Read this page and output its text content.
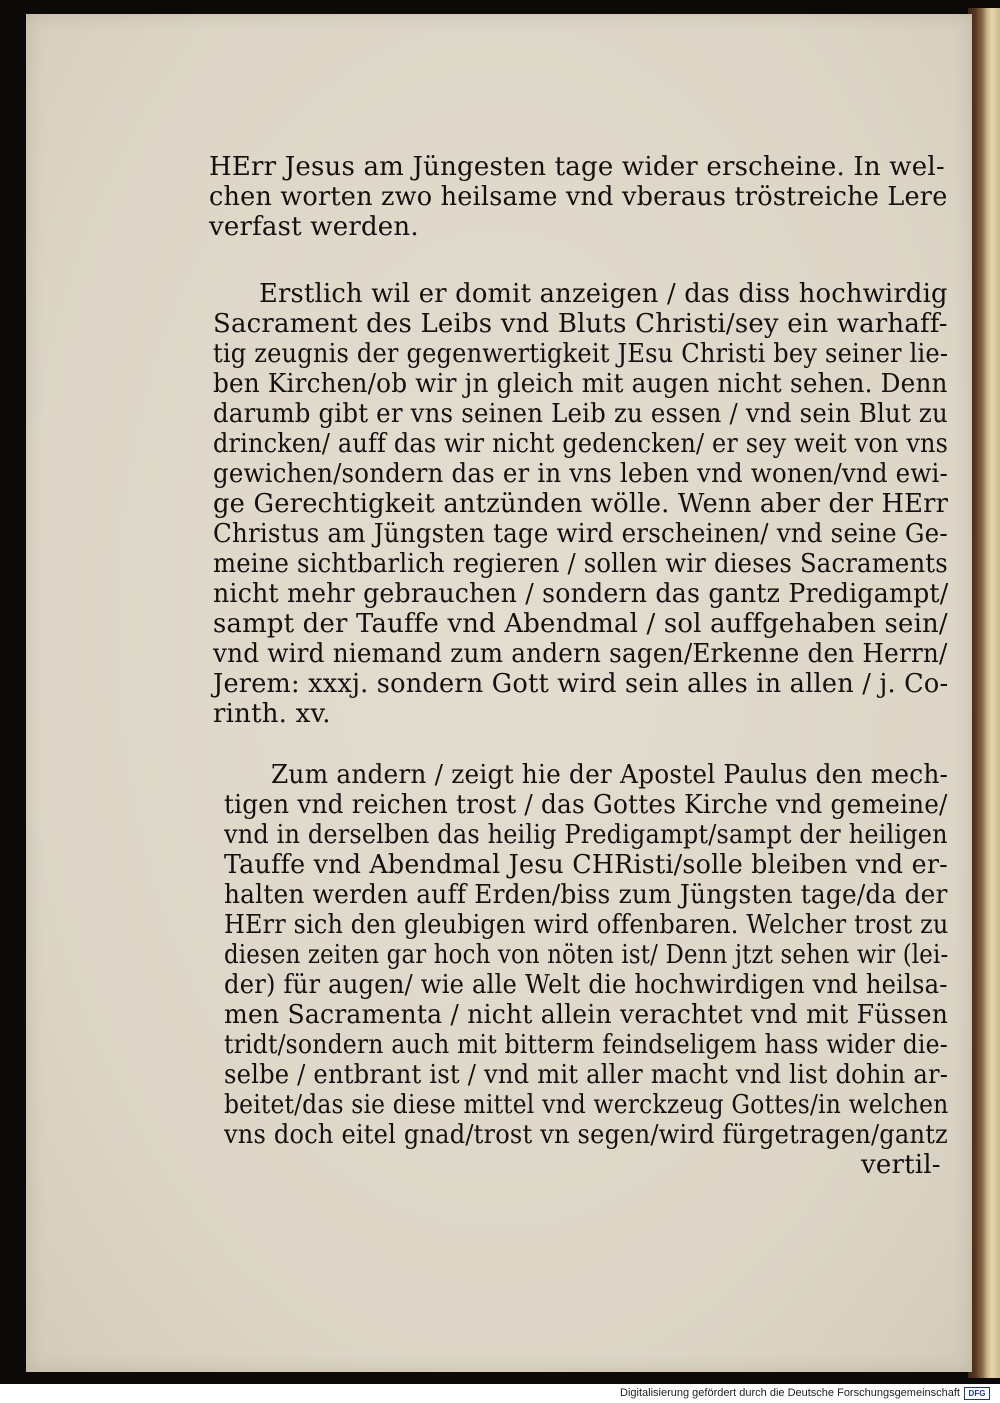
HErr Jesus am Jüngesten tage wider erscheine. In wel-
chen worten zwo heilsame vnd vberaus tröstreiche Lere
verfast werden.
Erstlich wil er domit anzeigen / das diss hochwirdig
Sacrament des Leibs vnd Bluts Christi/sey ein warhaff-
tig zeugnis der gegenwertigkeit JEsu Christi bey seiner lie-
ben Kirchen/ob wir jn gleich mit augen nicht sehen. Denn
darumb gibt er vns seinen Leib zu essen / vnd sein Blut zu
drincken/ auff das wir nicht gedencken/ er sey weit von vns
gewichen/sondern das er in vns leben vnd wonen/vnd ewi-
ge Gerechtigkeit antzünden wölle. Wenn aber der HErr
Christus am Jüngsten tage wird erscheinen/ vnd seine Ge-
meine sichtbarlich regieren / sollen wir dieses Sacraments
nicht mehr gebrauchen / sondern das gantz Predigampt/
sampt der Tauffe vnd Abendmal / sol auffgehaben sein/
vnd wird niemand zum andern sagen/Erkenne den Herrn/
Jerem: xxxj. sondern Gott wird sein alles in allen / j. Co-
rinth. xv.
Zum andern / zeigt hie der Apostel Paulus den mech-
tigen vnd reichen trost / das Gottes Kirche vnd gemeine/
vnd in derselben das heilig Predigampt/sampt der heiligen
Tauffe vnd Abendmal Jesu CHRisti/solle bleiben vnd er-
halten werden auff Erden/biss zum Jüngsten tage/da der
HErr sich den gleubigen wird offenbaren. Welcher trost zu
diesen zeiten gar hoch von nöten ist/ Denn jtzt sehen wir (lei-
der) für augen/ wie alle Welt die hochwirdigen vnd heilsa-
men Sacramenta / nicht allein verachtet vnd mit Füssen
tridt/sondern auch mit bitterm feindseligem hass wider die-
selbe / entbrant ist / vnd mit aller macht vnd list dohin ar-
beitet/das sie diese mittel vnd werckzeug Gottes/in welchen
vns doch eitel gnad/trost vn segen/wird fürgetragen/gantz
vertil-
Digitalisierung gefördert durch die Deutsche Forschungsgemeinschaft	DFG
